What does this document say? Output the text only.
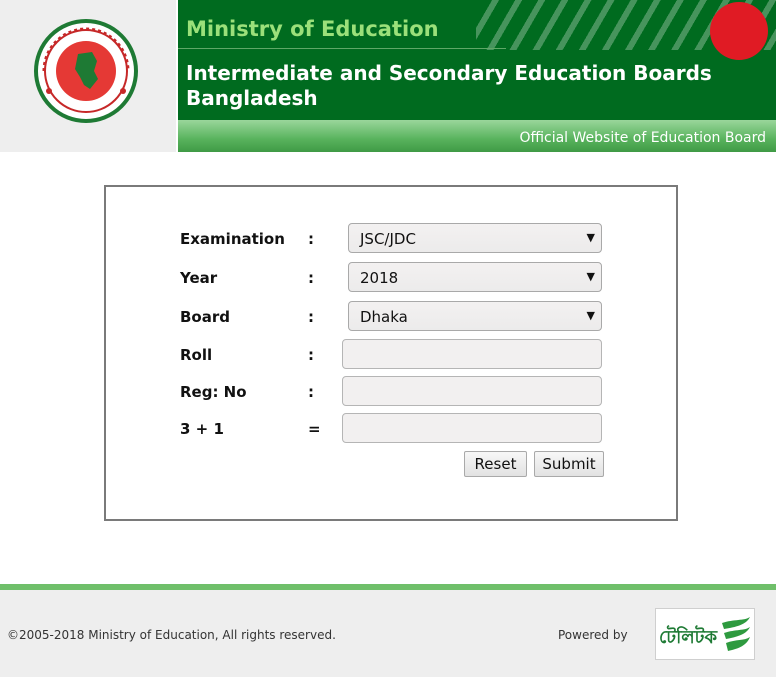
Ministry of Education
Intermediate and Secondary Education Boards
Bangladesh
Official Website of Education Board
Examination :	JSC/JDC	▼
Year	:	2018	▼
Board	:	Dhaka	▼
Roll	:
Reg: No	:
3 + 1	=
Reset	Submit
©2005-2018 Ministry of Education, All rights reserved.	Powered by টেলিটক
